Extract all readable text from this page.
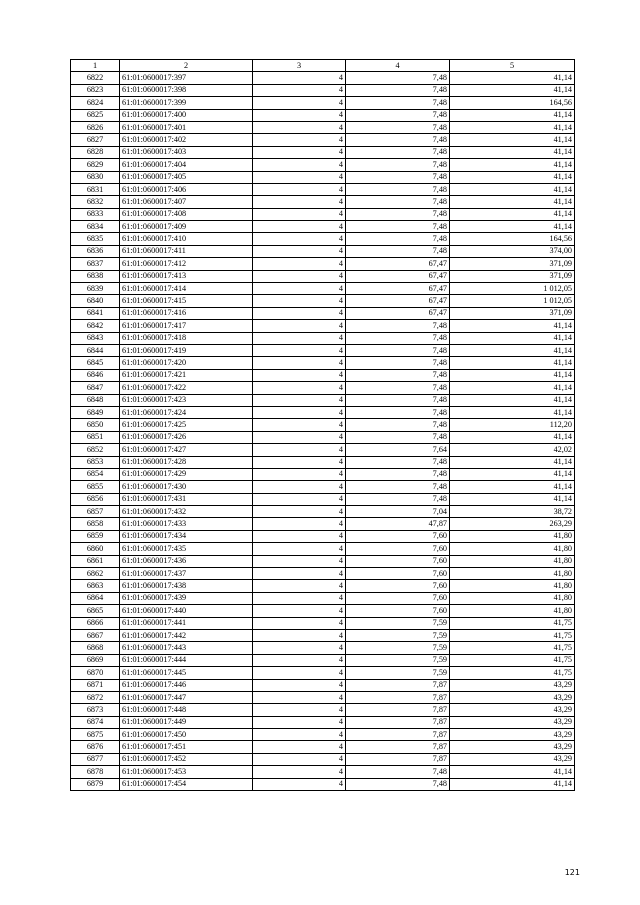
1	2	3	4	5
6822	61:01:0600017:397	4	7,48	41,14
6823	61:01:0600017:398	4	7,48	41,14
6824	61:01:0600017:399	4	7,48	164,56
6825	61:01:0600017:400	4	7,48	41,14
6826	61:01:0600017:401	4	7,48	41,14
6827	61:01:0600017:402	4	7,48	41,14
6828	61:01:0600017:403	4	7,48	41,14
6829	61:01:0600017:404	4	7,48	41,14
6830	61:01:0600017:405	4	7,48	41,14
6831	61:01:0600017:406	4	7,48	41,14
6832	61:01:0600017:407	4	7,48	41,14
6833	61:01:0600017:408	4	7,48	41,14
6834	61:01:0600017:409	4	7,48	41,14
6835	61:01:0600017:410	4	7,48	164,56
6836	61:01:0600017:411	4	7,48	374,00
6837	61:01:0600017:412	4	67,47	371,09
6838	61:01:0600017:413	4	67,47	371,09
6839	61:01:0600017:414	4	67,47	1 012,05
6840	61:01:0600017:415	4	67,47	1 012,05
6841	61:01:0600017:416	4	67,47	371,09
6842	61:01:0600017:417	4	7,48	41,14
6843	61:01:0600017:418	4	7,48	41,14
6844	61:01:0600017:419	4	7,48	41,14
6845	61:01:0600017:420	4	7,48	41,14
6846	61:01:0600017:421	4	7,48	41,14
6847	61:01:0600017:422	4	7,48	41,14
6848	61:01:0600017:423	4	7,48	41,14
6849	61:01:0600017:424	4	7,48	41,14
6850	61:01:0600017:425	4	7,48	112,20
6851	61:01:0600017:426	4	7,48	41,14
6852	61:01:0600017:427	4	7,64	42,02
6853	61:01:0600017:428	4	7,48	41,14
6854	61:01:0600017:429	4	7,48	41,14
6855	61:01:0600017:430	4	7,48	41,14
6856	61:01:0600017:431	4	7,48	41,14
6857	61:01:0600017:432	4	7,04	38,72
6858	61:01:0600017:433	4	47,87	263,29
6859	61:01:0600017:434	4	7,60	41,80
6860	61:01:0600017:435	4	7,60	41,80
6861	61:01:0600017:436	4	7,60	41,80
6862	61:01:0600017:437	4	7,60	41,80
6863	61:01:0600017:438	4	7,60	41,80
6864	61:01:0600017:439	4	7,60	41,80
6865	61:01:0600017:440	4	7,60	41,80
6866	61:01:0600017:441	4	7,59	41,75
6867	61:01:0600017:442	4	7,59	41,75
6868	61:01:0600017:443	4	7,59	41,75
6869	61:01:0600017:444	4	7,59	41,75
6870	61:01:0600017:445	4	7,59	41,75
6871	61:01:0600017:446	4	7,87	43,29
6872	61:01:0600017:447	4	7,87	43,29
6873	61:01:0600017:448	4	7,87	43,29
6874	61:01:0600017:449	4	7,87	43,29
6875	61:01:0600017:450	4	7,87	43,29
6876	61:01:0600017:451	4	7,87	43,29
6877	61:01:0600017:452	4	7,87	43,29
6878	61:01:0600017:453	4	7,48	41,14
6879	61:01:0600017:454	4	7,48	41,14
121
